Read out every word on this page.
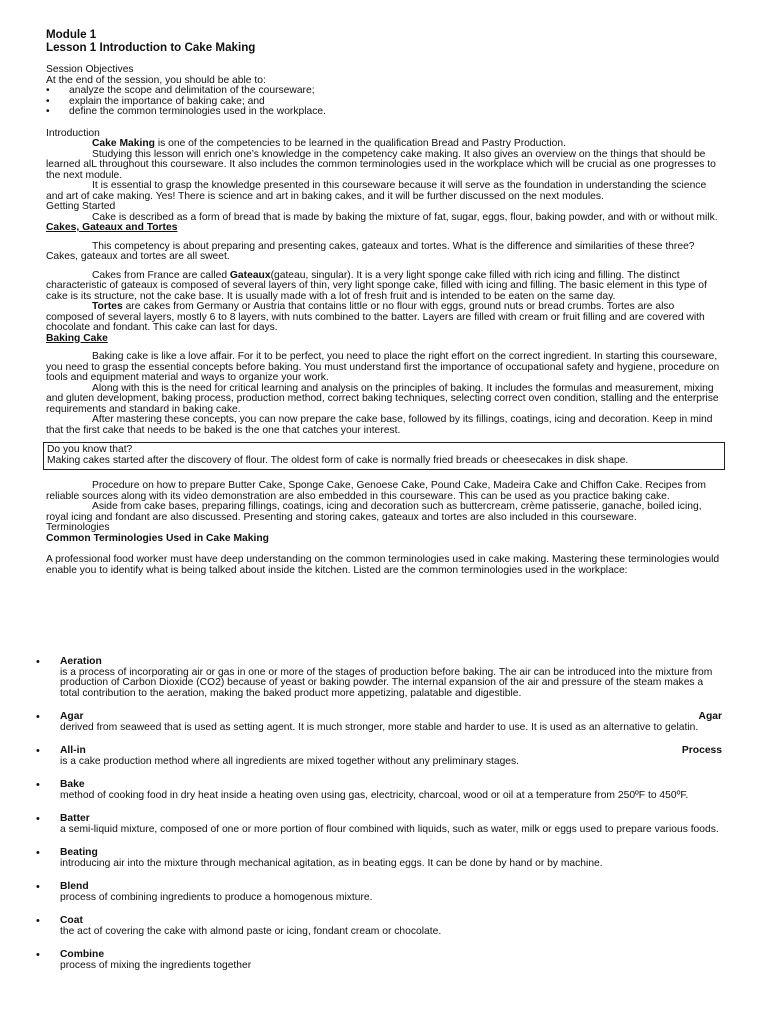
Module 1
Lesson 1 Introduction to Cake Making

Session Objectives

At the end of the session, you should be able to:

•	analyze the scope and delimitation of the courseware;
•	explain the importance of baking cake; and
•	define the common terminologies used in the workplace.

Introduction

Cake Making is one of the competencies to be learned in the qualification Bread and Pastry Production.

Studying this lesson will enrich one’s knowledge in the competency cake making. It also gives an overview on the things that should be learned alL throughout this courseware. It also includes the common terminologies used in the workplace which will be crucial as one progresses to the next module.

It is essential to grasp the knowledge presented in this courseware because it will serve as the foundation in understanding the science and art of cake making. Yes! There is science and art in baking cakes, and it will be further discussed on the next modules.

Getting Started

Cake is described as a form of bread that is made by baking the mixture of fat, sugar, eggs, flour, baking powder, and with or without milk.

Cakes, Gateaux and Tortes

This competency is about preparing and presenting cakes, gateaux and tortes. What is the difference and similarities of these three?

Cakes, gateaux and tortes are all sweet.

Cakes from France are called Gateaux(gateau, singular). It is a very light sponge cake filled with rich icing and filling. The distinct characteristic of gateaux is composed of several layers of thin, very light sponge cake, filled with icing and filling. The basic element in this type of cake is its structure, not the cake base. It is usually made with a lot of fresh fruit and is intended to be eaten on the same day.

Tortes are cakes from Germany or Austria that contains little or no flour with eggs, ground nuts or bread crumbs. Tortes are also composed of several layers, mostly 6 to 8 layers, with nuts combined to the batter. Layers are filled with cream or fruit filling and are covered with chocolate and fondant. This cake can last for days.

Baking Cake

Baking cake is like a love affair. For it to be perfect, you need to place the right effort on the correct ingredient. In starting this courseware, you need to grasp the essential concepts before baking. You must understand first the importance of occupational safety and hygiene, procedure on tools and equipment material and ways to organize your work.

Along with this is the need for critical learning and analysis on the principles of baking. It includes the formulas and measurement, mixing and gluten development, baking process, production method, correct baking techniques, selecting correct oven condition, stalling and the enterprise requirements and standard in baking cake.

After mastering these concepts, you can now prepare the cake base, followed by its fillings, coatings, icing and decoration. Keep in mind that the first cake that needs to be baked is the one that catches your interest.

Do you know that?

Making cakes started after the discovery of flour. The oldest form of cake is normally fried breads or cheesecakes in disk shape.

Procedure on how to prepare Butter Cake, Sponge Cake, Genoese Cake, Pound Cake, Madeira Cake and Chiffon Cake. Recipes from reliable sources along with its video demonstration are also embedded in this courseware. This can be used as you practice baking cake.

Aside from cake bases, preparing fillings, coatings, icing and decoration such as buttercream, crème patisserie, ganache, boiled icing, royal icing and fondant are also discussed. Presenting and storing cakes, gateaux and tortes are also included in this courseware.

Terminologies

Common Terminologies Used in Cake Making

A professional food worker must have deep understanding on the common terminologies used in cake making. Mastering these terminologies would enable you to identify what is being talked about inside the kitchen. Listed are the common terminologies used in the workplace:

•	Aeration
is a process of incorporating air or gas in one or more of the stages of production before baking. The air can be introduced into the mixture from production of Carbon Dioxide (CO2) because of yeast or baking powder. The internal expansion of the air and pressure of the steam makes a total contribution to the aeration, making the baked product more appetizing, palatable and digestible.
•	Agar	Agar
derived from seaweed that is used as setting agent. It is much stronger, more stable and harder to use. It is used as an alternative to gelatin.
•	All-in	Process
is a cake production method where all ingredients are mixed together without any preliminary stages.
•	Bake
method of cooking food in dry heat inside a heating oven using gas, electricity, charcoal, wood or oil at a temperature from 250ºF to 450ºF.
•	Batter
a semi-liquid mixture, composed of one or more portion of flour combined with liquids, such as water, milk or eggs used to prepare various foods.
•	Beating
introducing air into the mixture through mechanical agitation, as in beating eggs. It can be done by hand or by machine.
•	Blend
process of combining ingredients to produce a homogenous mixture.
•	Coat
the act of covering the cake with almond paste or icing, fondant cream or chocolate.
•	Combine
process of mixing the ingredients together
